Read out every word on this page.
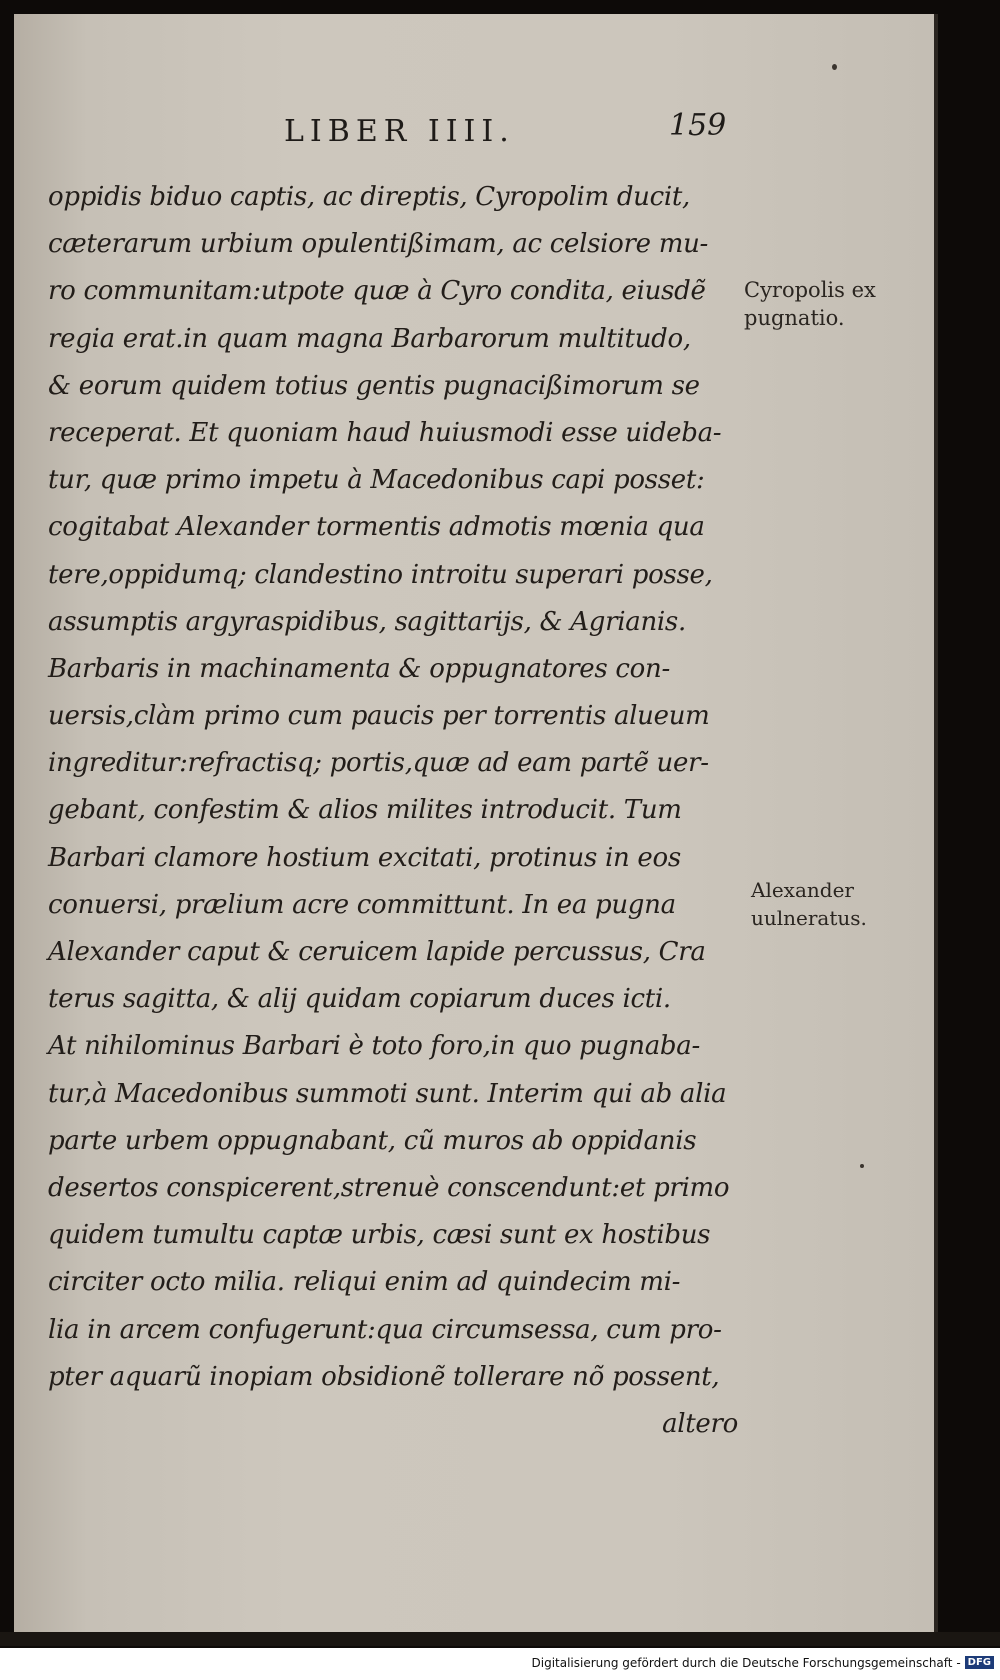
LIBER IIII.	159
oppidis biduo captis, ac direptis, Cyropolim ducit,
cæterarum urbium opulentißimam, ac celsiore mu-
ro communitam:utpote quæ à Cyro condita, eiusdẽ
regia erat.in quam magna Barbarorum multitudo,
& eorum quidem totius gentis pugnacißimorum se
receperat. Et quoniam haud huiusmodi esse uideba-
tur, quæ primo impetu à Macedonibus capi posset:
cogitabat Alexander tormentis admotis mœnia qua
tere,oppidumq; clandestino introitu superari posse,
assumptis argyraspidibus, sagittarijs, & Agrianis.
Barbaris in machinamenta & oppugnatores con-
uersis,clàm primo cum paucis per torrentis alueum
ingreditur:refractisq; portis,quæ ad eam partẽ uer-
gebant, confestim & alios milites introducit. Tum
Barbari clamore hostium excitati, protinus in eos
conuersi, prælium acre committunt. In ea pugna
Alexander caput & ceruicem lapide percussus, Cra
terus sagitta, & alij quidam copiarum duces icti.
At nihilominus Barbari è toto foro,in quo pugnaba-
tur,à Macedonibus summoti sunt. Interim qui ab alia
parte urbem oppugnabant, cũ muros ab oppidanis
desertos conspicerent,strenuè conscendunt:et primo
quidem tumultu captæ urbis, cæsi sunt ex hostibus
circiter octo milia. reliqui enim ad quindecim mi-
lia in arcem confugerunt:qua circumsessa, cum pro-
pter aquarũ inopiam obsidionẽ tollerare nõ possent,
altero
Cyropolis ex
pugnatio.
Alexander
uulneratus.
Digitalisierung gefördert durch die Deutsche Forschungsgemeinschaft - DFG
